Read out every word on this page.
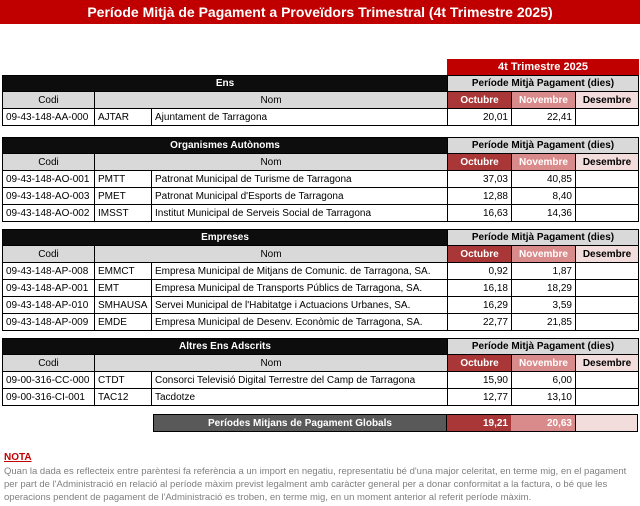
Període Mitjà de Pagament a Proveïdors Trimestral (4t Trimestre 2025)
4t Trimestre 2025
Ens	Període Mitjà Pagament (dies)
Codi	Nom	Octubre	Novembre	Desembre
09-43-148-AA-000 AJTAR	Ajuntament de Tarragona	20,01	22,41
Organismes Autònoms	Període Mitjà Pagament (dies)
Codi	Nom	Octubre	Novembre	Desembre
09-43-148-AO-001 PMTT	Patronat Municipal de Turisme de Tarragona	37,03	40,85
09-43-148-AO-003 PMET	Patronat Municipal d'Esports de Tarragona	12,88	8,40
09-43-148-AO-002 IMSST	Institut Municipal de Serveis Social de Tarragona	16,63	14,36
Empreses	Període Mitjà Pagament (dies)
Codi	Nom	Octubre	Novembre	Desembre
09-43-148-AP-008 EMMCT	Empresa Municipal de Mitjans de Comunic. de Tarragona, SA.	0,92	1,87
09-43-148-AP-001 EMT	Empresa Municipal de Transports Públics de Tarragona, SA.	16,18	18,29
09-43-148-AP-010 SMHAUSA Servei Municipal de l'Habitatge i Actuacions Urbanes, SA.	16,29	3,59
09-43-148-AP-009 EMDE	Empresa Municipal de Desenv. Econòmic de Tarragona, SA.	22,77	21,85
Altres Ens Adscrits	Període Mitjà Pagament (dies)
Codi	Nom	Octubre	Novembre	Desembre
09-00-316-CC-000 CTDT	Consorci Televisió Digital Terrestre del Camp de Tarragona	15,90	6,00
09-00-316-CI-001	TAC12	Tacdotze	12,77	13,10
Períodes Mitjans de Pagament Globals	19,21	20,63
NOTA
Quan la dada es reflecteix entre parèntesi fa referència a un import en negatiu, representatiu bé d'una major celeritat, en terme mig, en el pagament per part de l'Administració en relació al període màxim previst legalment amb caràcter general per a donar conformitat a la factura, o bé que les operacions pendent de pagament de l'Administració es troben, en terme mig, en un moment anterior al referit període màxim.
